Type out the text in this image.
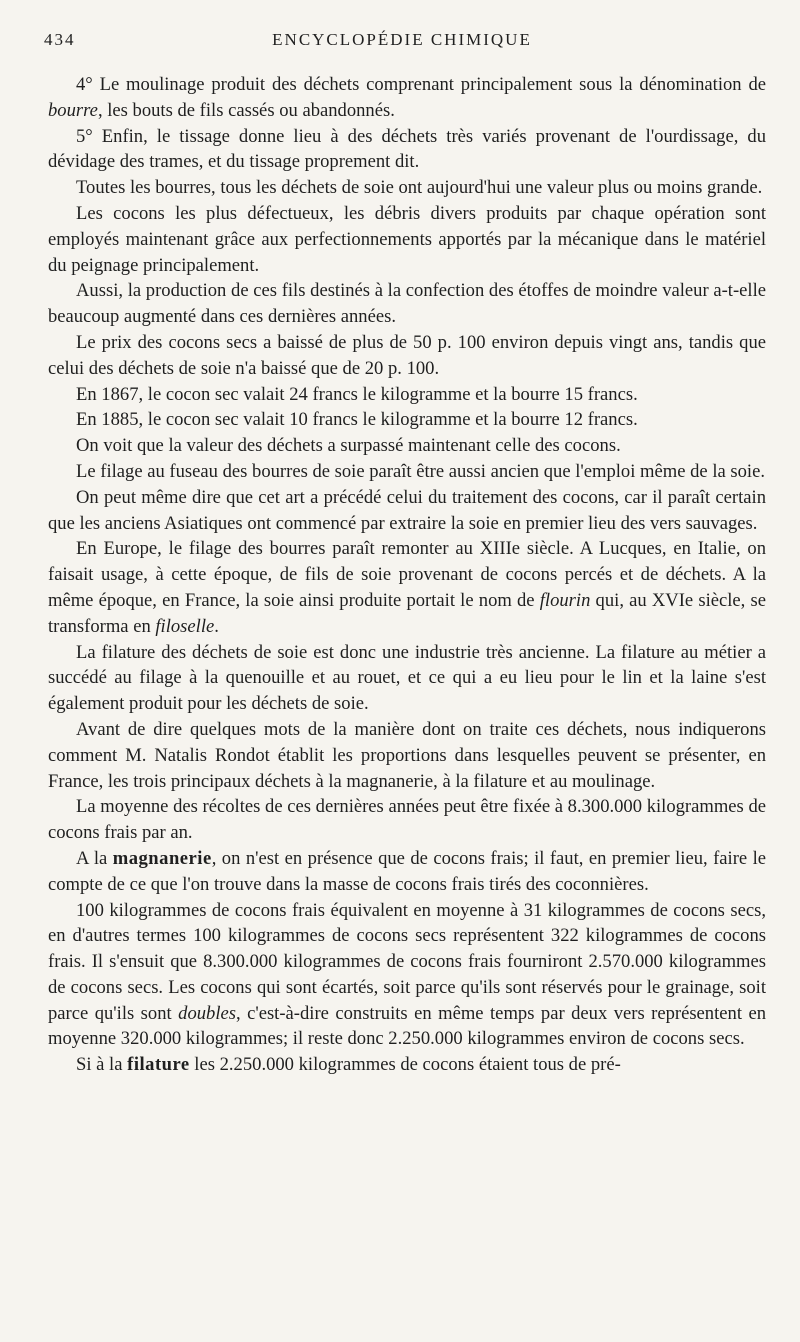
434	ENCYCLOPÉDIE CHIMIQUE

4° Le moulinage produit des déchets comprenant principalement sous la dénomination de bourre, les bouts de fils cassés ou abandonnés.

5° Enfin, le tissage donne lieu à des déchets très variés provenant de l'ourdissage, du dévidage des trames, et du tissage proprement dit.

Toutes les bourres, tous les déchets de soie ont aujourd'hui une valeur plus ou moins grande.

Les cocons les plus défectueux, les débris divers produits par chaque opération sont employés maintenant grâce aux perfectionnements apportés par la mécanique dans le matériel du peignage principalement.

Aussi, la production de ces fils destinés à la confection des étoffes de moindre valeur a-t-elle beaucoup augmenté dans ces dernières années.

Le prix des cocons secs a baissé de plus de 50 p. 100 environ depuis vingt ans, tandis que celui des déchets de soie n'a baissé que de 20 p. 100.

En 1867, le cocon sec valait 24 francs le kilogramme et la bourre 15 francs.

En 1885, le cocon sec valait 10 francs le kilogramme et la bourre 12 francs.

On voit que la valeur des déchets a surpassé maintenant celle des cocons.

Le filage au fuseau des bourres de soie paraît être aussi ancien que l'emploi même de la soie.

On peut même dire que cet art a précédé celui du traitement des cocons, car il paraît certain que les anciens Asiatiques ont commencé par extraire la soie en premier lieu des vers sauvages.

En Europe, le filage des bourres paraît remonter au XIIIe siècle. A Lucques, en Italie, on faisait usage, à cette époque, de fils de soie provenant de cocons percés et de déchets. A la même époque, en France, la soie ainsi produite portait le nom de flourin qui, au XVIe siècle, se transforma en filoselle.

La filature des déchets de soie est donc une industrie très ancienne. La filature au métier a succédé au filage à la quenouille et au rouet, et ce qui a eu lieu pour le lin et la laine s'est également produit pour les déchets de soie.

Avant de dire quelques mots de la manière dont on traite ces déchets, nous indiquerons comment M. Natalis Rondot établit les proportions dans lesquelles peuvent se présenter, en France, les trois principaux déchets à la magnanerie, à la filature et au moulinage.

La moyenne des récoltes de ces dernières années peut être fixée à 8.300.000 kilogrammes de cocons frais par an.

A la magnanerie, on n'est en présence que de cocons frais; il faut, en premier lieu, faire le compte de ce que l'on trouve dans la masse de cocons frais tirés des coconnières.

100 kilogrammes de cocons frais équivalent en moyenne à 31 kilogrammes de cocons secs, en d'autres termes 100 kilogrammes de cocons secs représentent 322 kilogrammes de cocons frais. Il s'ensuit que 8.300.000 kilogrammes de cocons frais fourniront 2.570.000 kilogrammes de cocons secs. Les cocons qui sont écartés, soit parce qu'ils sont réservés pour le grainage, soit parce qu'ils sont doubles, c'est-à-dire construits en même temps par deux vers représentent en moyenne 320.000 kilogrammes; il reste donc 2.250.000 kilogrammes environ de cocons secs.

Si à la filature les 2.250.000 kilogrammes de cocons étaient tous de pré-
